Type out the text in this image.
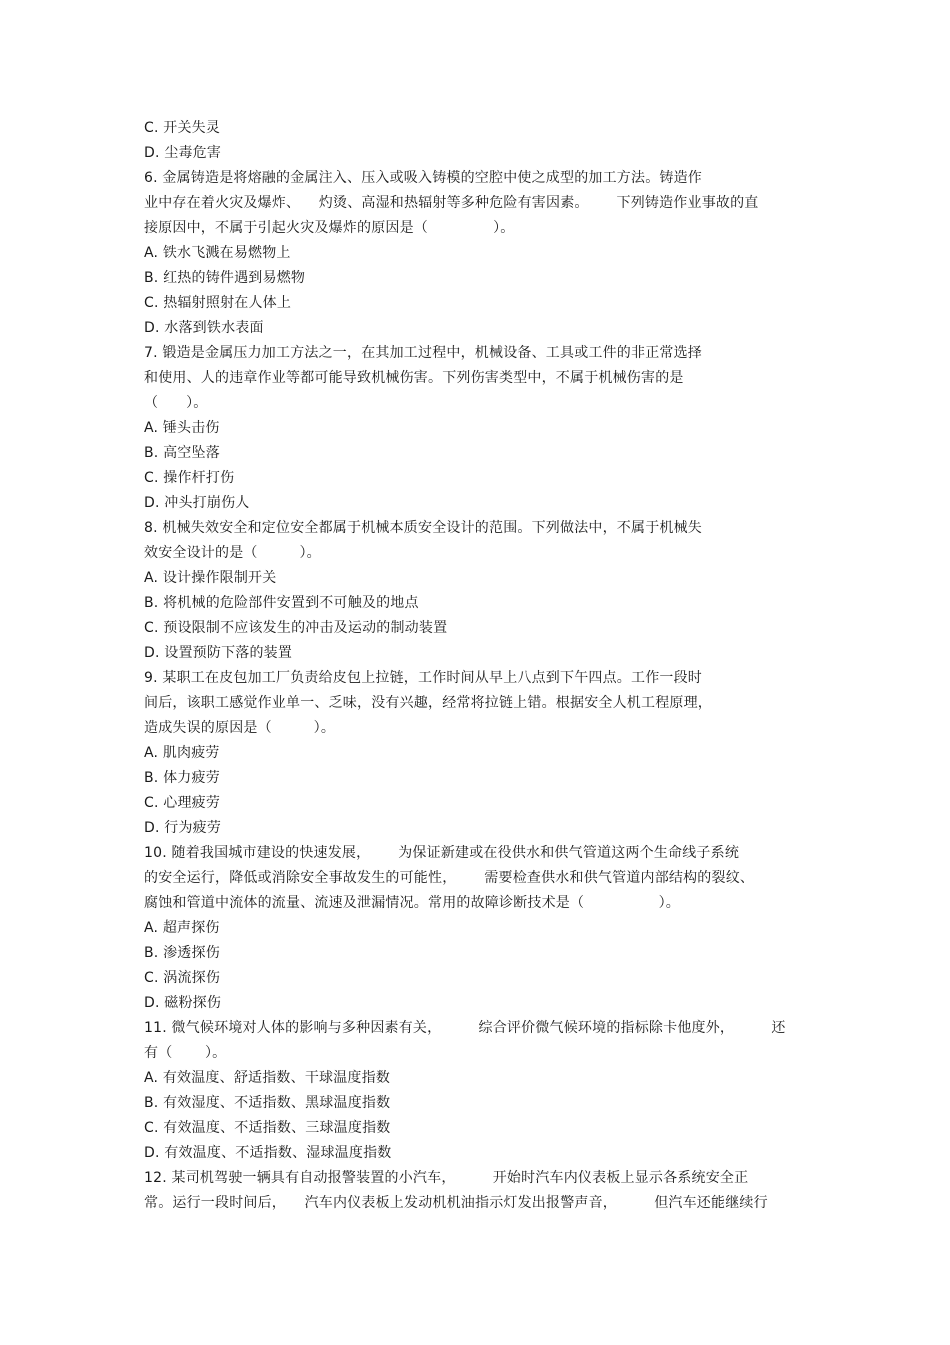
C. 开关失灵
D. 尘毒危害
6. 金属铸造是将熔融的金属注入、压入或吸入铸模的空腔中使之成型的加工方法。铸造作
业中存在着火灾及爆炸、    灼烫、高湿和热辐射等多种危险有害因素。      下列铸造作业事故的直
接原因中，不属于引起火灾及爆炸的原因是（              ）。
A. 铁水飞溅在易燃物上
B. 红热的铸件遇到易燃物
C. 热辐射照射在人体上
D. 水落到铁水表面
7. 锻造是金属压力加工方法之一，在其加工过程中，机械设备、工具或工件的非正常选择
和使用、人的违章作业等都可能导致机械伤害。下列伤害类型中，不属于机械伤害的是
（      ）。
A. 锤头击伤
B. 高空坠落
C. 操作杆打伤
D. 冲头打崩伤人
8. 机械失效安全和定位安全都属于机械本质安全设计的范围。下列做法中，不属于机械失
效安全设计的是（         ）。
A. 设计操作限制开关
B. 将机械的危险部件安置到不可触及的地点
C. 预设限制不应该发生的冲击及运动的制动装置
D. 设置预防下落的装置
9. 某职工在皮包加工厂负责给皮包上拉链，工作时间从早上八点到下午四点。工作一段时
间后，该职工感觉作业单一、乏味，没有兴趣，经常将拉链上错。根据安全人机工程原理，
造成失误的原因是（         ）。
A. 肌肉疲劳
B. 体力疲劳
C. 心理疲劳
D. 行为疲劳
10. 随着我国城市建设的快速发展，      为保证新建或在役供水和供气管道这两个生命线子系统
的安全运行，降低或消除安全事故发生的可能性，      需要检查供水和供气管道内部结构的裂纹、
腐蚀和管道中流体的流量、流速及泄漏情况。常用的故障诊断技术是（                ）。
A. 超声探伤
B. 渗透探伤
C. 涡流探伤
D. 磁粉探伤
11. 微气候环境对人体的影响与多种因素有关，        综合评价微气候环境的指标除卡他度外，        还
有（       ）。
A. 有效温度、舒适指数、干球温度指数
B. 有效湿度、不适指数、黑球温度指数
C. 有效温度、不适指数、三球温度指数
D. 有效温度、不适指数、湿球温度指数
12. 某司机驾驶一辆具有自动报警装置的小汽车，        开始时汽车内仪表板上显示各系统安全正
常。运行一段时间后，    汽车内仪表板上发动机机油指示灯发出报警声音，        但汽车还能继续行
